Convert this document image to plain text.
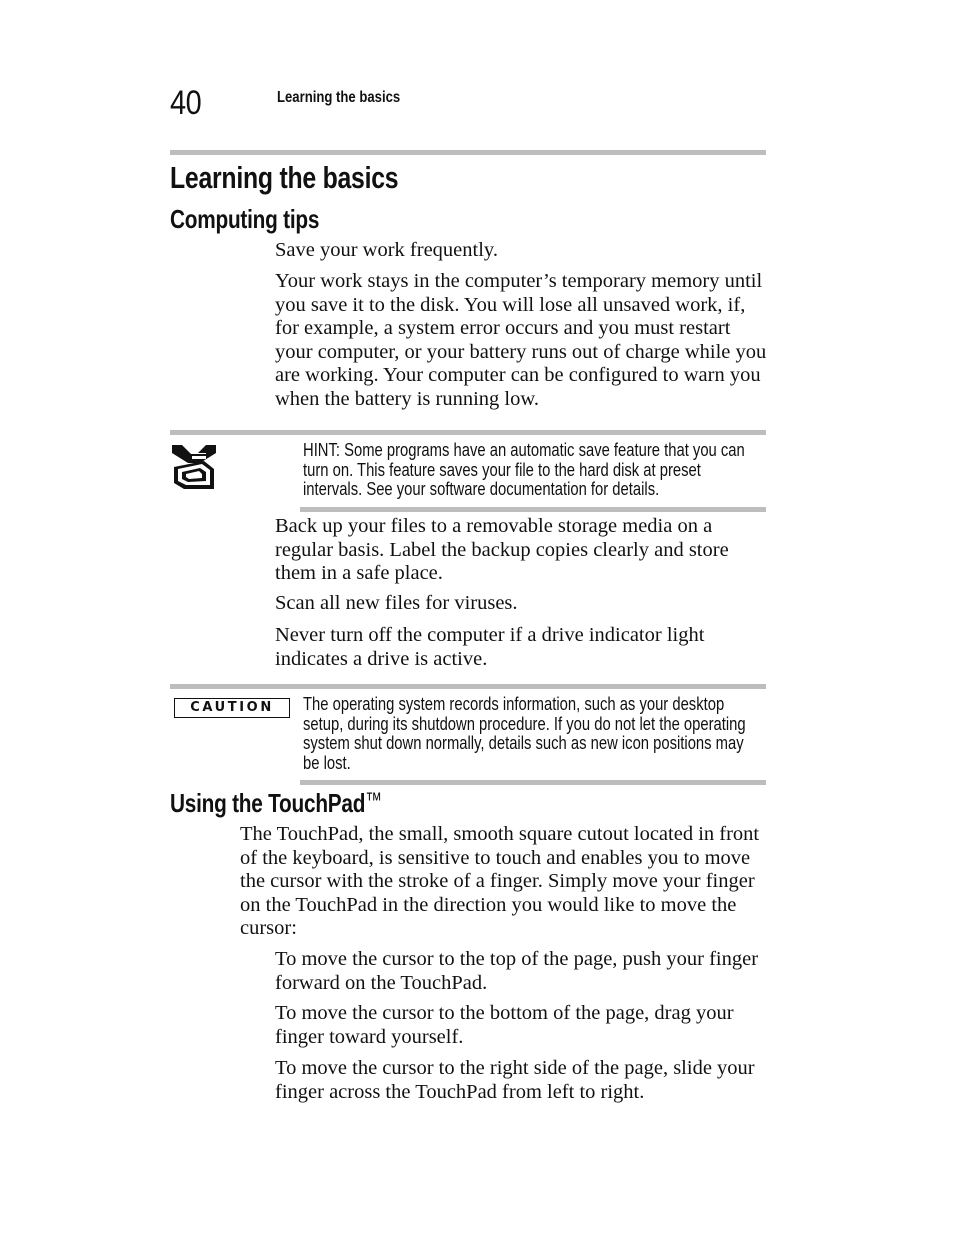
40	Learning the basics
Learning the basics
Computing tips

Save your work frequently.

Your work stays in the computer’s temporary memory until you save it to the disk. You will lose all unsaved work, if, for example, a system error occurs and you must restart your computer, or your battery runs out of charge while you are working. Your computer can be configured to warn you when the battery is running low.

HINT: Some programs have an automatic save feature that you can turn on. This feature saves your file to the hard disk at preset intervals. See your software documentation for details.

Back up your files to a removable storage media on a regular basis. Label the backup copies clearly and store them in a safe place.

Scan all new files for viruses.

Never turn off the computer if a drive indicator light indicates a drive is active.

CAUTION	The operating system records information, such as your desktop setup, during its shutdown procedure. If you do not let the operating system shut down normally, details such as new icon positions may be lost.

Using the TouchPad™

The TouchPad, the small, smooth square cutout located in front of the keyboard, is sensitive to touch and enables you to move the cursor with the stroke of a finger. Simply move your finger on the TouchPad in the direction you would like to move the cursor:

To move the cursor to the top of the page, push your finger forward on the TouchPad.

To move the cursor to the bottom of the page, drag your finger toward yourself.

To move the cursor to the right side of the page, slide your finger across the TouchPad from left to right.
